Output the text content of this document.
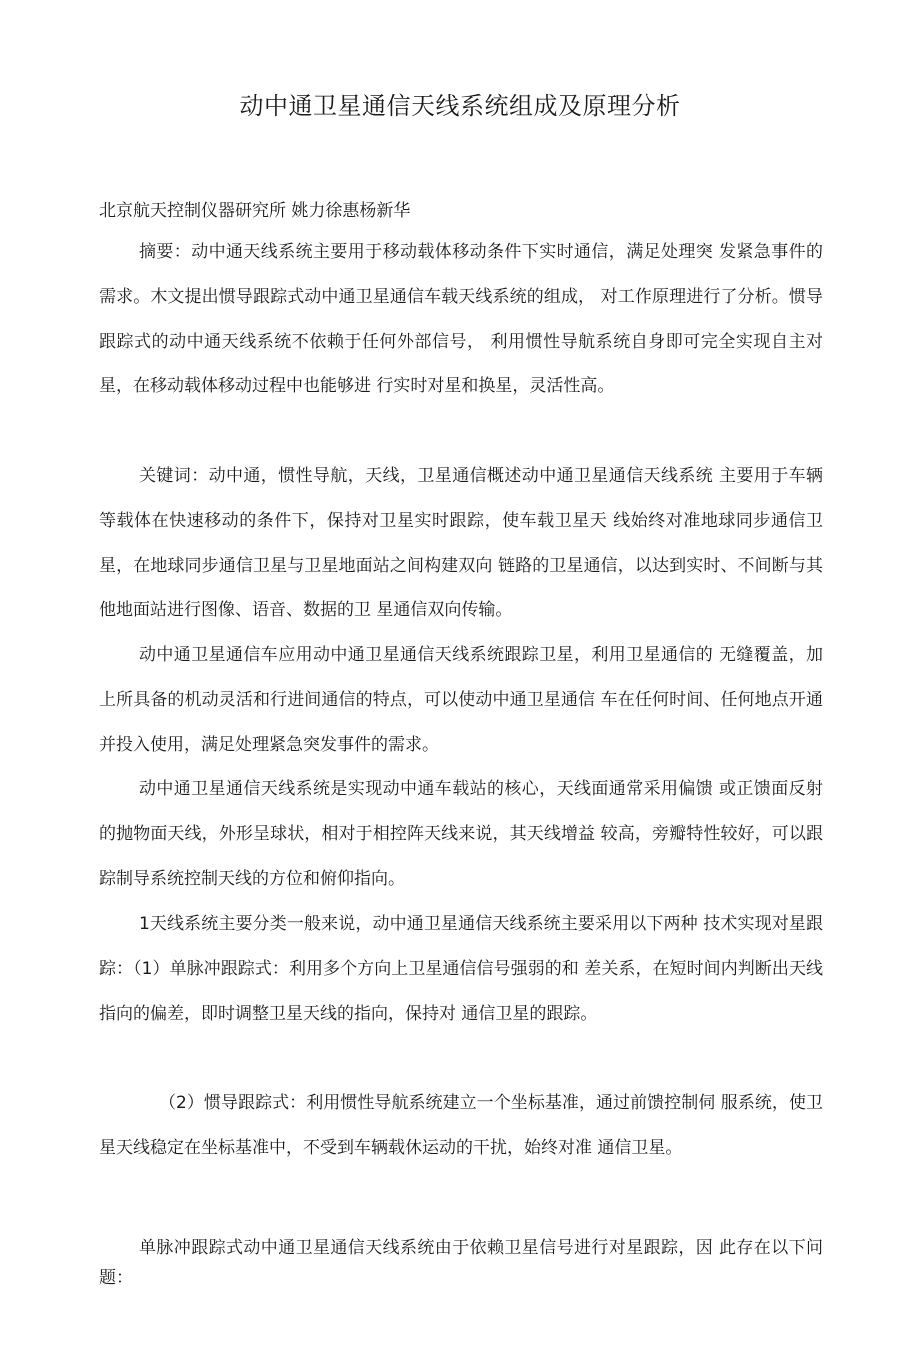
动中通卫星通信天线系统组成及原理分析

北京航天控制仪器研究所 姚力徐惠杨新华

摘要：动中通天线系统主要用于移动载体移动条件下实时通信，满足处理突 发紧急事件的需求。木文提出惯导跟踪式动中通卫星通信车载天线系统的组成， 对工作原理进行了分析。惯导跟踪式的动中通天线系统不依赖于任何外部信号， 利用惯性导航系统自身即可完全实现自主对星，在移动载体移动过程中也能够进 行实时对星和换星，灵活性高。

关键词：动中通，惯性导航，天线，卫星通信概述动中通卫星通信天线系统 主要用于车辆等载体在快速移动的条件下，保持对卫星实时跟踪，使车载卫星天 线始终对准地球同步通信卫星，在地球同步通信卫星与卫星地面站之间构建双向 链路的卫星通信，以达到实时、不间断与其他地面站进行图像、语音、数据的卫 星通信双向传输。

动中通卫星通信车应用动中通卫星通信天线系统跟踪卫星，利用卫星通信的 无缝覆盖，加上所具备的机动灵活和行进间通信的特点，可以使动中通卫星通信 车在任何时间、任何地点开通并投入使用，满足处理紧急突发事件的需求。

动中通卫星通信天线系统是实现动中通车载站的核心，天线面通常采用偏馈 或正馈面反射的抛物面天线，外形呈球状，相对于相控阵天线来说，其天线增益 较高，旁瓣特性较好，可以跟踪制导系统控制天线的方位和俯仰指向。

1天线系统主要分类一般来说，动中通卫星通信天线系统主要采用以下两种 技术实现对星跟踪：（1）单脉冲跟踪式：利用多个方向上卫星通信信号强弱的和 差关系，在短时间内判断出天线指向的偏差，即时调整卫星天线的指向，保持对 通信卫星的跟踪。

（2）惯导跟踪式：利用惯性导航系统建立一个坐标基准，通过前馈控制伺 服系统，使卫星天线稳定在坐标基准中，不受到车辆载休运动的干扰，始终对准 通信卫星。

单脉冲跟踪式动中通卫星通信天线系统由于依赖卫星信号进行对星跟踪，因 此存在以下问题：
